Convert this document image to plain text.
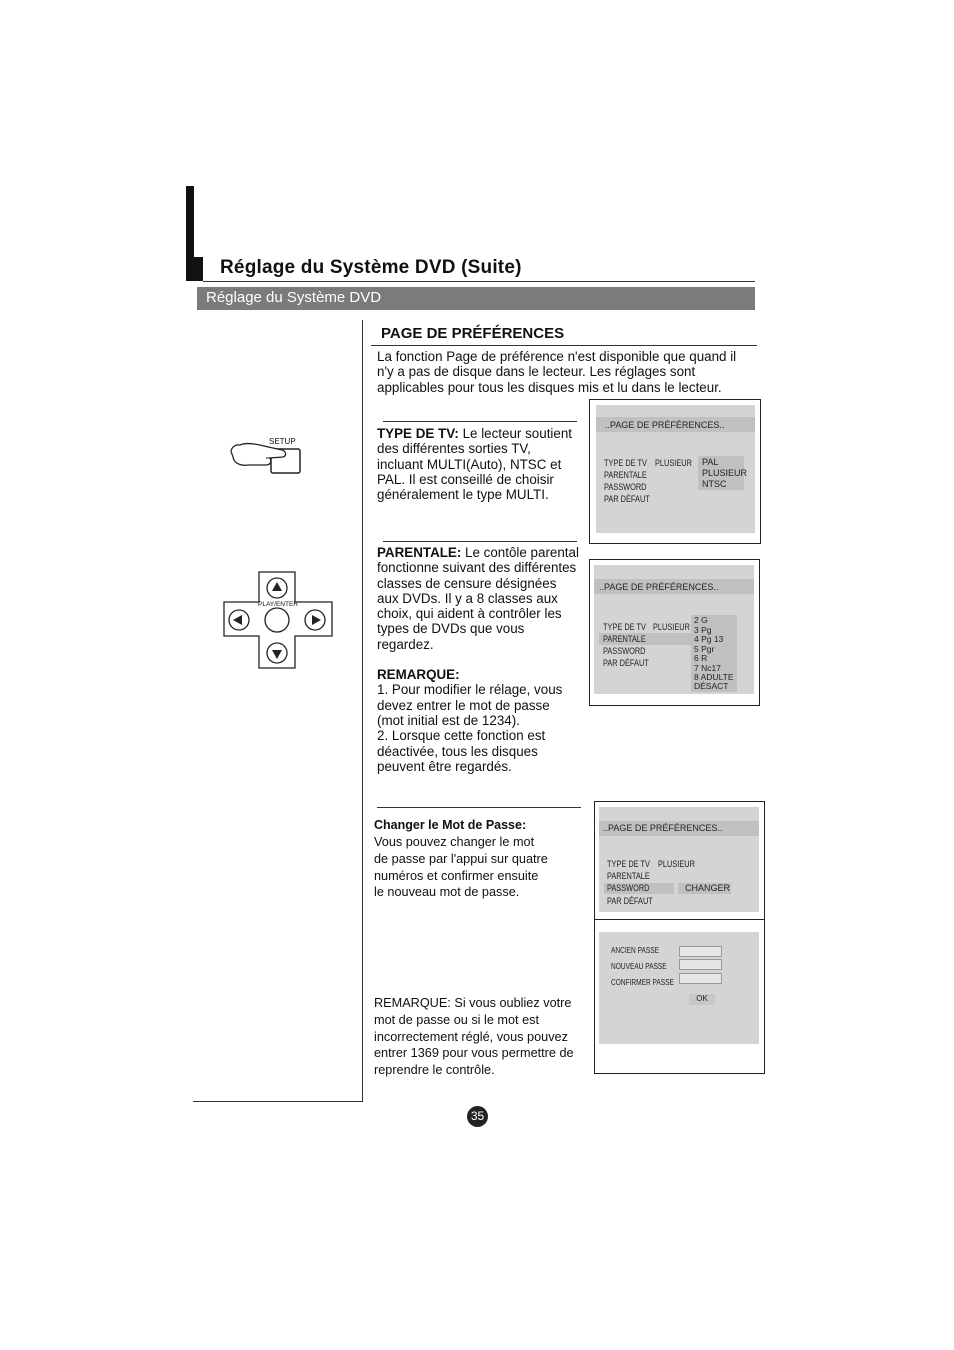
Réglage du Système DVD (Suite)
Réglage du Système DVD
PAGE DE PRÉFÉRENCES
La fonction Page de préférence n'est disponible que quand il
n'y a pas de disque dans le lecteur. Les réglages sont
applicables pour tous les disques mis et lu dans le lecteur.
SETUP
PLAY/ENTER
TYPE DE TV: Le lecteur soutient
des différentes sorties TV,
incluant MULTI(Auto), NTSC et
PAL. Il est conseillé de choisir
généralement le type MULTI.
..PAGE DE PRÉFÉRENCES..
TYPE DE TV
PARENTALE
PASSWORD
PAR DÉFAUT
PLUSIEUR	PAL
PLUSIEUR
NTSC
PARENTALE: Le contôle parental
fonctionne suivant des différentes
classes de censure désignées
aux DVDs. Il y a 8 classes aux
choix, qui aident à contrôler les
types de DVDs que vous
regardez.
REMARQUE:
1. Pour modifier le rélage, vous
devez entrer le mot de passe
(mot initial est de 1234).
2. Lorsque cette fonction est
déactivée, tous les disques
peuvent être regardés.
..PAGE DE PRÉFÉRENCES..
TYPE DE TV
PARENTALE
PASSWORD
PAR DÉFAUT
PLUSIEUR
2 G
3 Pg
4 Pg 13
5 Pgr
6 R
7 Nc17
8 ADULTE
DÉSACT
Changer le Mot de Passe:
Vous pouvez changer le mot
de passe par l'appui sur quatre
numéros et confirmer ensuite
le nouveau mot de passe.
REMARQUE: Si vous oubliez votre
mot de passe ou si le mot est
incorrectement réglé, vous pouvez
entrer 1369 pour vous permettre de
reprendre le contrôle.
..PAGE DE PRÉFÉRENCES..
TYPE DE TV
PARENTALE
PASSWORD
PAR DÉFAUT
PLUSIEUR
CHANGER
ANCIEN PASSE
NOUVEAU PASSE
CONFIRMER PASSE
OK
35
